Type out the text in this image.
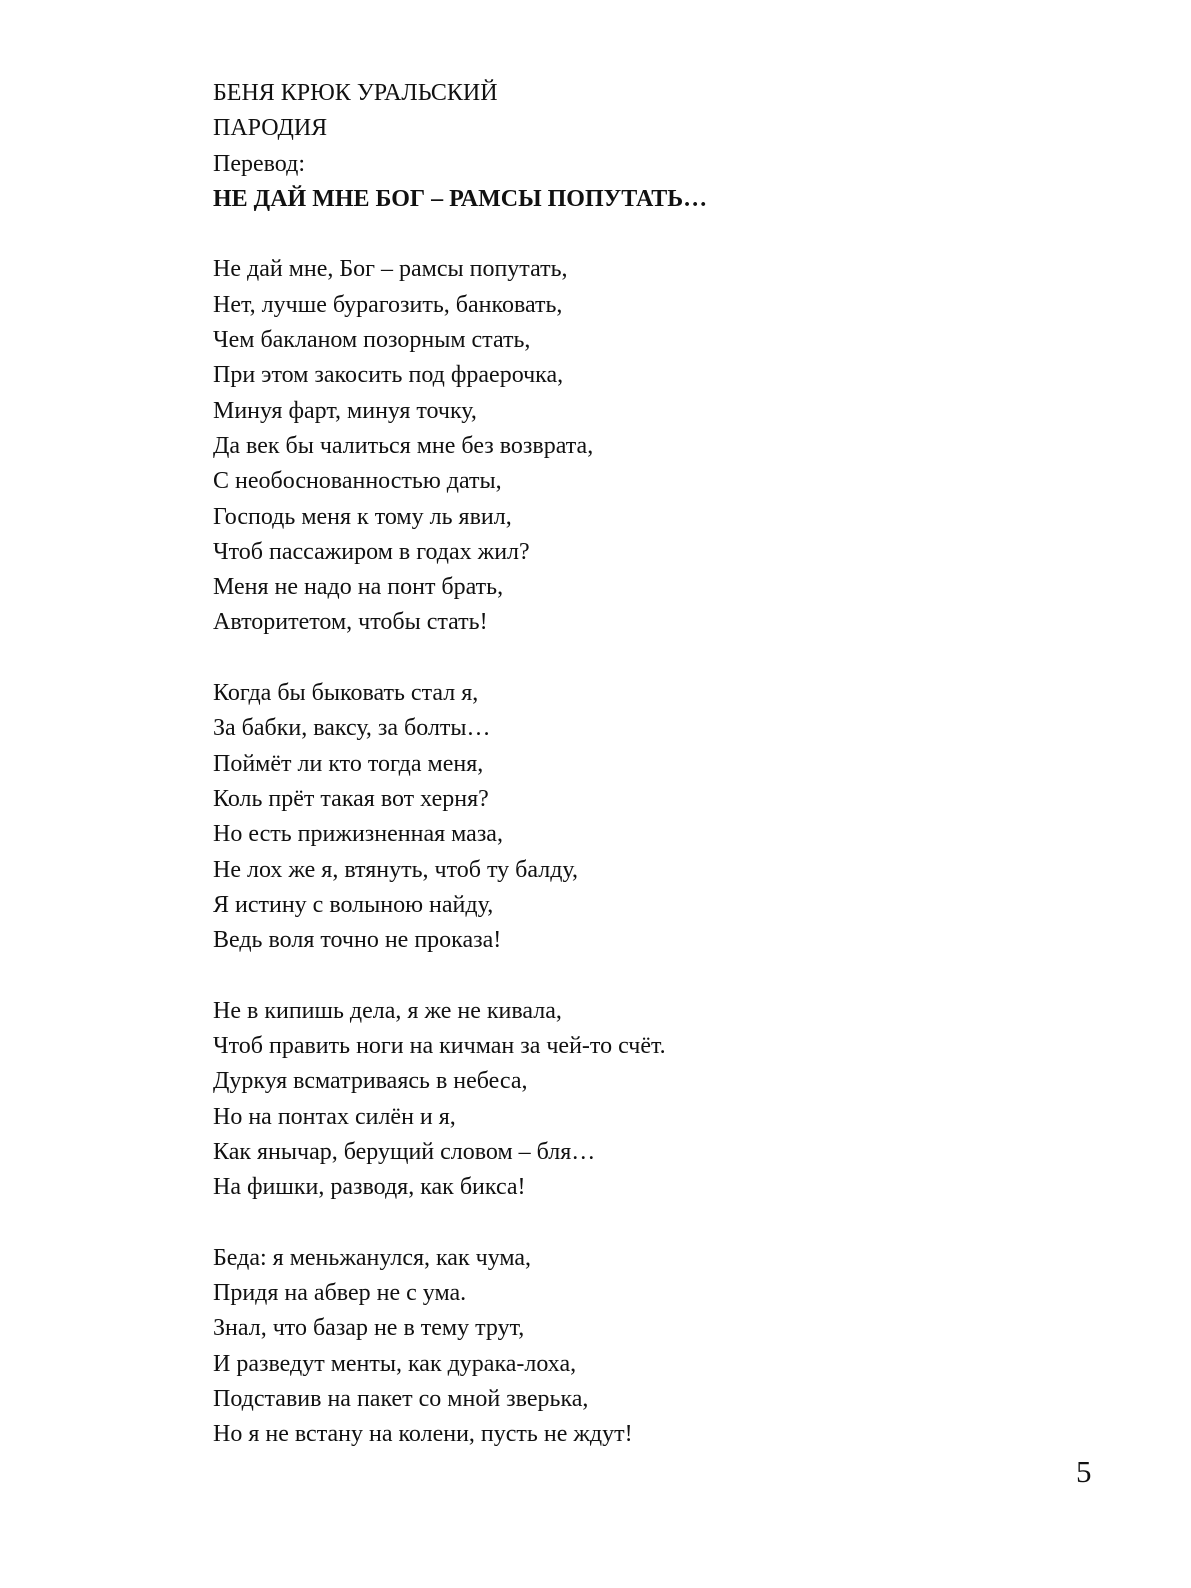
БЕНЯ КРЮК УРАЛЬСКИЙ
ПАРОДИЯ
Перевод:
НЕ ДАЙ МНЕ БОГ – РАМСЫ ПОПУТАТЬ…
Не дай мне, Бог – рамсы попутать,
Нет, лучше бурагозить, банковать,
Чем бакланом позорным стать,
При этом закосить под фраерочка,
Минуя фарт, минуя точку,
Да век бы чалиться мне без возврата,
С необоснованностью даты,
Господь меня к тому ль явил,
Чтоб пассажиром в годах жил?
Меня не надо на понт брать,
Авторитетом, чтобы стать!
Когда бы быковать стал я,
За бабки, ваксу, за болты…
Поймёт ли кто тогда меня,
Коль прёт такая вот херня?
Но есть прижизненная маза,
Не лох же я, втянуть, чтоб ту балду,
Я истину с волыною найду,
Ведь воля точно не проказа!
Не в кипишь дела, я же не кивала,
Чтоб править ноги на кичман за чей-то счёт.
Дуркуя всматриваясь в небеса,
Но на понтах силён и я,
Как янычар, берущий словом – бля…
На фишки, разводя, как бикса!
Беда: я меньжанулся, как чума,
Придя на абвер не с ума.
Знал, что базар не в тему трут,
И разведут менты, как дурака-лоха,
Подставив на пакет со мной зверька,
Но я не встану на колени, пусть не ждут!
5
